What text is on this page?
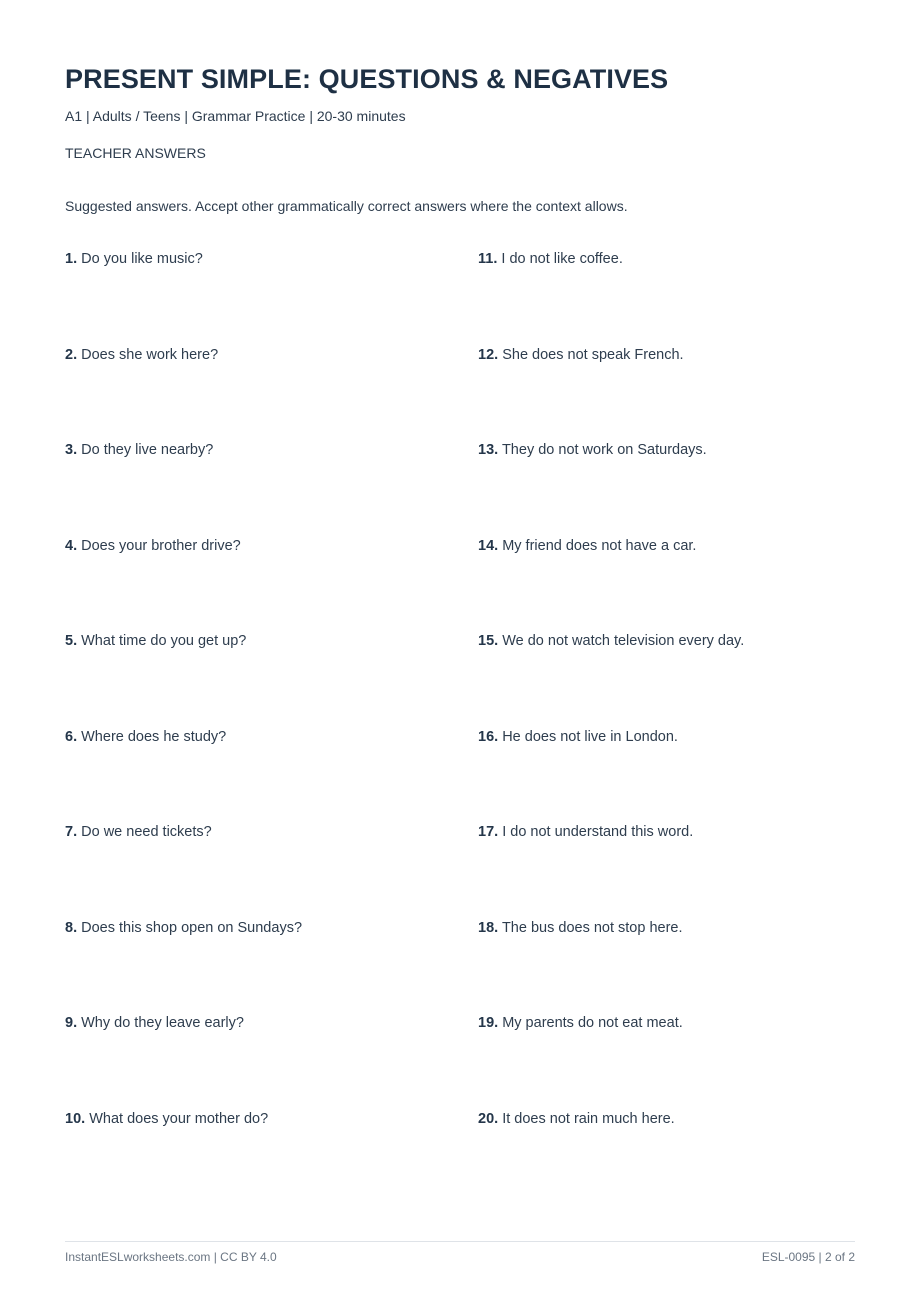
PRESENT SIMPLE: QUESTIONS & NEGATIVES
A1 | Adults / Teens | Grammar Practice | 20-30 minutes
TEACHER ANSWERS
Suggested answers. Accept other grammatically correct answers where the context allows.
1. Do you like music?
2. Does she work here?
3. Do they live nearby?
4. Does your brother drive?
5. What time do you get up?
6. Where does he study?
7. Do we need tickets?
8. Does this shop open on Sundays?
9. Why do they leave early?
10. What does your mother do?
11. I do not like coffee.
12. She does not speak French.
13. They do not work on Saturdays.
14. My friend does not have a car.
15. We do not watch television every day.
16. He does not live in London.
17. I do not understand this word.
18. The bus does not stop here.
19. My parents do not eat meat.
20. It does not rain much here.
InstantESLworksheets.com | CC BY 4.0	ESL-0095 | 2 of 2
